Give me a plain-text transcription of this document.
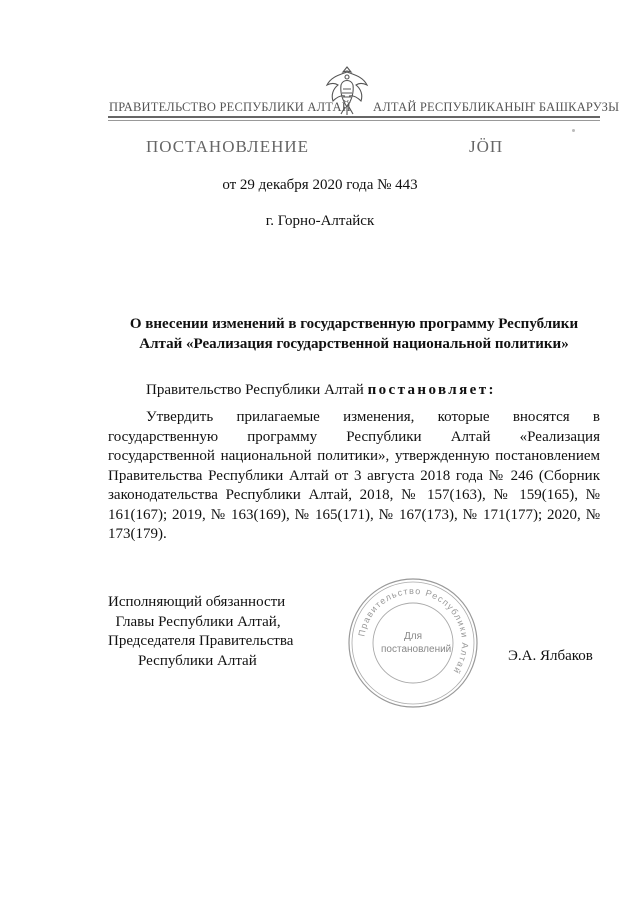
ПРАВИТЕЛЬСТВО РЕСПУБЛИКИ АЛТАЙ АЛТАЙ РЕСПУБЛИКАНЫҤ БАШКАРУЗЫ
ПОСТАНОВЛЕНИЕ	ЈӦП
от 29 декабря 2020 года № 443
г. Горно-Алтайск
О внесении изменений в государственную программу Республики
Алтай «Реализация государственной национальной политики»
Правительство Республики Алтай постановляет:
Утвердить прилагаемые изменения, которые вносятся в государственную программу Республики Алтай «Реализация государственной национальной политики», утвержденную постановлением Правительства Республики Алтай от 3 августа 2018 года № 246 (Сборник законодательства Республики Алтай, 2018, № 157(163), № 159(165), № 161(167); 2019, № 163(169), № 165(171), № 167(173), № 171(177); 2020, № 173(179).
Исполняющий обязанности
Главы Республики Алтай,
Председателя Правительства
Республики Алтай
Правительство Республики Алтай
Для
постановлений	Э.А. Ялбаков
